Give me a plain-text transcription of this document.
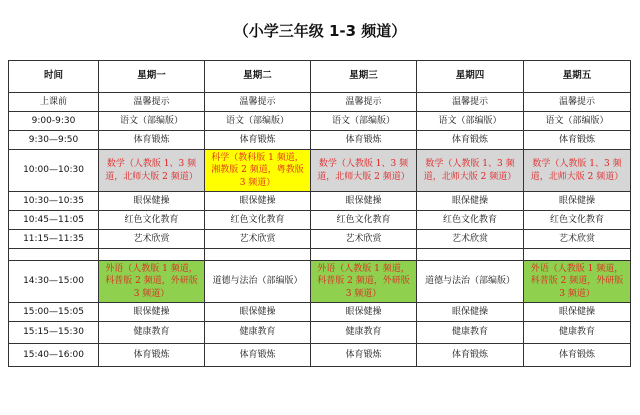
（小学三年级 1-3 频道）
时间	星期一	星期二	星期三	星期四	星期五
上课前	温馨提示	温馨提示	温馨提示	温馨提示	温馨提示
9:00-9:30	语文（部编版）	语文（部编版）	语文（部编版）	语文（部编版）	语文（部编版）
9:30—9:50	体育锻炼	体育锻炼	体育锻炼	体育锻炼	体育锻炼
10:00—10:30	数学（人教版 1、3 频道，北师大版 2 频道）	科学（教科版 1 频道，湘教版 2 频道，粤教版 3 频道）	数学（人教版 1、3 频道，北师大版 2 频道）	数学（人教版 1、3 频道，北师大版 2 频道）	数学（人教版 1、3 频道，北师大版 2 频道）
10:30—10:35	眼保健操	眼保健操	眼保健操	眼保健操	眼保健操
10:45—11:05	红色文化教育	红色文化教育	红色文化教育	红色文化教育	红色文化教育
11:15—11:35	艺术欣赏	艺术欣赏	艺术欣赏	艺术欣赏	艺术欣赏

14:30—15:00	外语（人教版 1 频道，科普版 2 频道，外研版 3 频道）	道德与法治（部编版）	外语（人教版 1 频道，科普版 2 频道，外研版 3 频道）	道德与法治（部编版）	外语（人教版 1 频道，科普版 2 频道，外研版 3 频道）
15:00—15:05	眼保健操	眼保健操	眼保健操	眼保健操	眼保健操
15:15—15:30	健康教育	健康教育	健康教育	健康教育	健康教育
15:40—16:00	体育锻炼	体育锻炼	体育锻炼	体育锻炼	体育锻炼
